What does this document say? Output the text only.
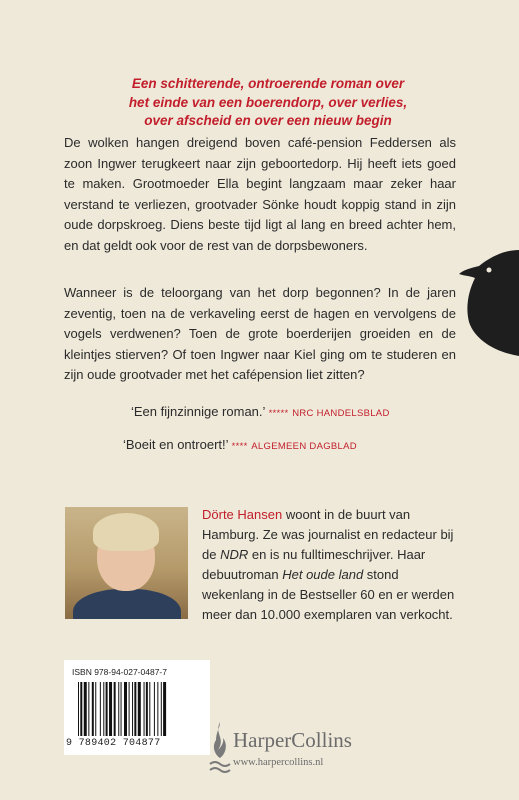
Een schitterende, ontroerende roman over
het einde van een boerendorp, over verlies,
over afscheid en over een nieuw begin

De wolken hangen dreigend boven café-pension Feddersen als zoon Ingwer terugkeert naar zijn geboortedorp. Hij heeft iets goed te maken. Grootmoeder Ella begint langzaam maar zeker haar verstand te verliezen, grootvader Sönke houdt koppig stand in zijn oude dorpskroeg. Diens beste tijd ligt al lang en breed achter hem, en dat geldt ook voor de rest van de dorpsbewoners.

Wanneer is de teloorgang van het dorp begonnen? In de jaren zeventig, toen na de verkaveling eerst de hagen en vervolgens de vogels verdwenen? Toen de grote boerderijen groeiden en de kleintjes stierven? Of toen Ingwer naar Kiel ging om te studeren en zijn oude grootvader met het cafépension liet zitten?

‘Een fijnzinnige roman.’ ***** NRC HANDELSBLAD
‘Boeit en ontroert!’ **** ALGEMEEN DAGBLAD

Dörte Hansen woont in de buurt van Hamburg. Ze was journalist en redacteur bij de NDR en is nu fulltimeschrijver. Haar debuutroman Het oude land stond wekenlang in de Bestseller 60 en er werden meer dan 10.000 exemplaren van verkocht.

ISBN 978-94-027-0487-7
9 789402 704877	HarperCollins
www.harpercollins.nl
